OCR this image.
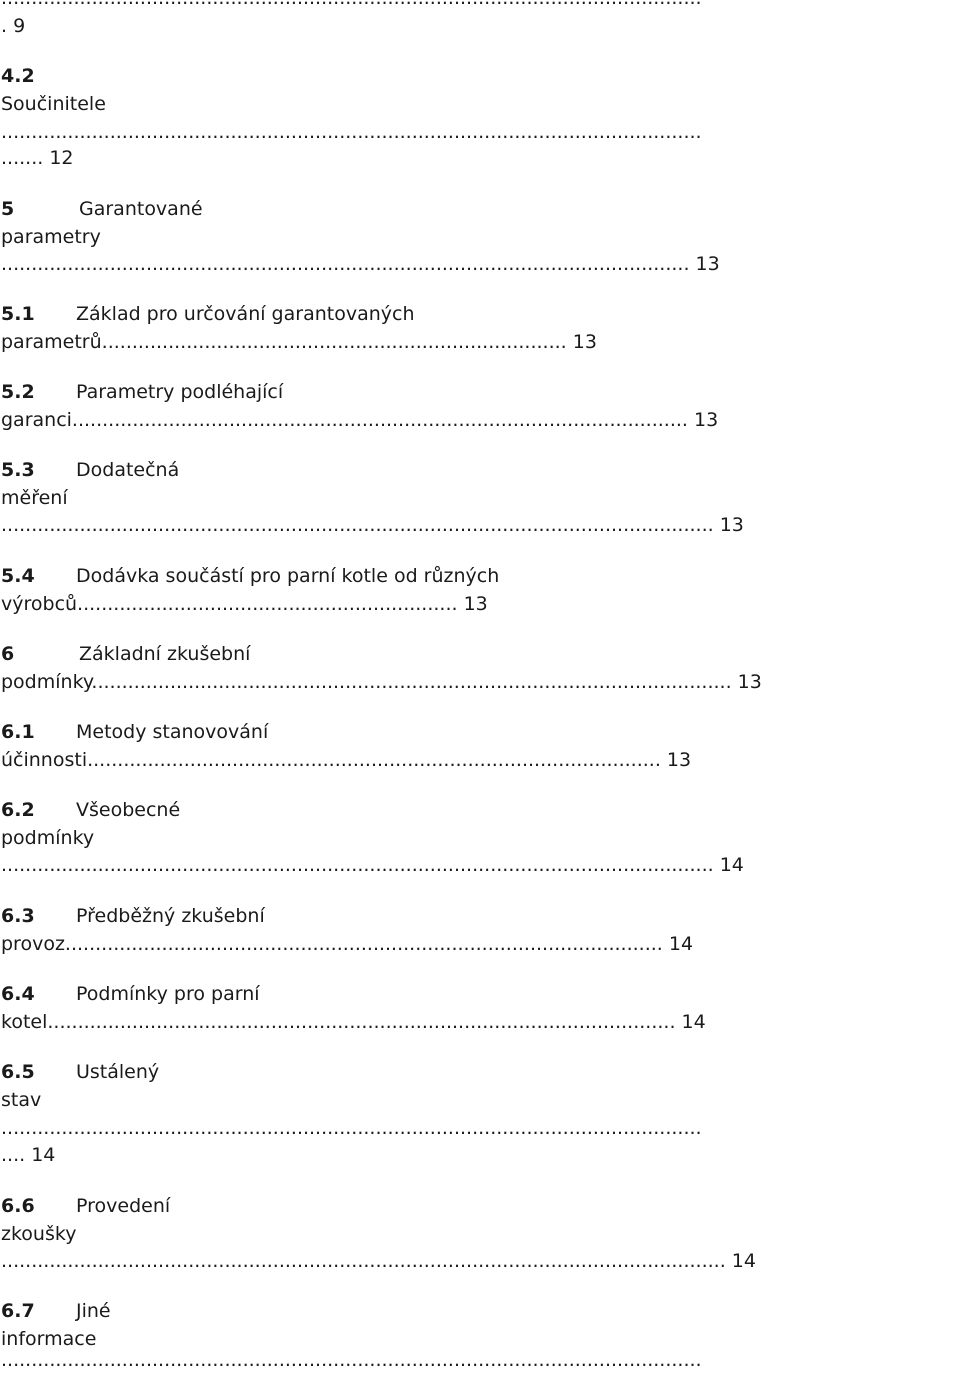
. 9
4.2
Součinitele
....................................................................................................................
....... 12
5	Garantované
parametry
.................................................................................................................. 13
5.1 Základ pro určování garantovaných
parametrů............................................................................. 13
5.2 Parametry podléhající
garanci...................................................................................................... 13
5.3 Dodatečná
měření
...................................................................................................................... 13
5.4 Dodávka součástí pro parní kotle od různých
výrobců............................................................... 13
6	Základní zkušební
podmínky.......................................................................................................... 13
6.1 Metody stanovování
účinnosti............................................................................................... 13
6.2 Všeobecné
podmínky
...................................................................................................................... 14
6.3 Předběžný zkušební
provoz................................................................................................... 14
6.4 Podmínky pro parní
kotel........................................................................................................ 14
6.5 Ustálený
stav
....................................................................................................................
.... 14
6.6 Provedení
zkoušky
........................................................................................................................ 14
6.7 Jiné
informace
....................................................................................................................
